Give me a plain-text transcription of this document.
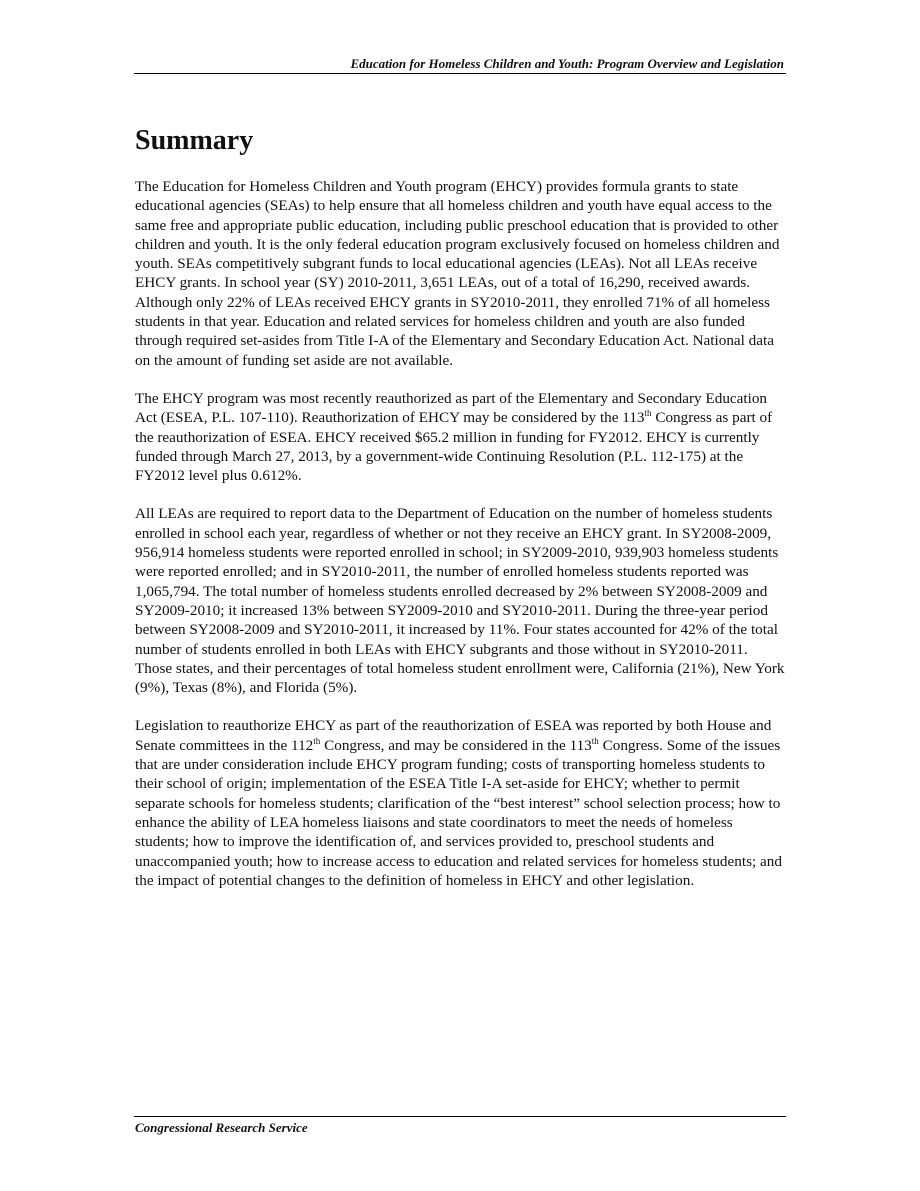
Education for Homeless Children and Youth: Program Overview and Legislation
Summary

The Education for Homeless Children and Youth program (EHCY) provides formula grants to state educational agencies (SEAs) to help ensure that all homeless children and youth have equal access to the same free and appropriate public education, including public preschool education that is provided to other children and youth. It is the only federal education program exclusively focused on homeless children and youth. SEAs competitively subgrant funds to local educational agencies (LEAs). Not all LEAs receive EHCY grants. In school year (SY) 2010-2011, 3,651 LEAs, out of a total of 16,290, received awards. Although only 22% of LEAs received EHCY grants in SY2010-2011, they enrolled 71% of all homeless students in that year. Education and related services for homeless children and youth are also funded through required set-asides from Title I-A of the Elementary and Secondary Education Act. National data on the amount of funding set aside are not available.

The EHCY program was most recently reauthorized as part of the Elementary and Secondary Education Act (ESEA, P.L. 107-110). Reauthorization of EHCY may be considered by the 113th Congress as part of the reauthorization of ESEA. EHCY received $65.2 million in funding for FY2012. EHCY is currently funded through March 27, 2013, by a government-wide Continuing Resolution (P.L. 112-175) at the FY2012 level plus 0.612%.

All LEAs are required to report data to the Department of Education on the number of homeless students enrolled in school each year, regardless of whether or not they receive an EHCY grant. In SY2008-2009, 956,914 homeless students were reported enrolled in school; in SY2009-2010, 939,903 homeless students were reported enrolled; and in SY2010-2011, the number of enrolled homeless students reported was 1,065,794. The total number of homeless students enrolled decreased by 2% between SY2008-2009 and SY2009-2010; it increased 13% between SY2009-2010 and SY2010-2011. During the three-year period between SY2008-2009 and SY2010-2011, it increased by 11%. Four states accounted for 42% of the total number of students enrolled in both LEAs with EHCY subgrants and those without in SY2010-2011. Those states, and their percentages of total homeless student enrollment were, California (21%), New York (9%), Texas (8%), and Florida (5%).

Legislation to reauthorize EHCY as part of the reauthorization of ESEA was reported by both House and Senate committees in the 112th Congress, and may be considered in the 113th Congress. Some of the issues that are under consideration include EHCY program funding; costs of transporting homeless students to their school of origin; implementation of the ESEA Title I-A set-aside for EHCY; whether to permit separate schools for homeless students; clarification of the “best interest” school selection process; how to enhance the ability of LEA homeless liaisons and state coordinators to meet the needs of homeless students; how to improve the identification of, and services provided to, preschool students and unaccompanied youth; how to increase access to education and related services for homeless students; and the impact of potential changes to the definition of homeless in EHCY and other legislation.

Congressional Research Service
